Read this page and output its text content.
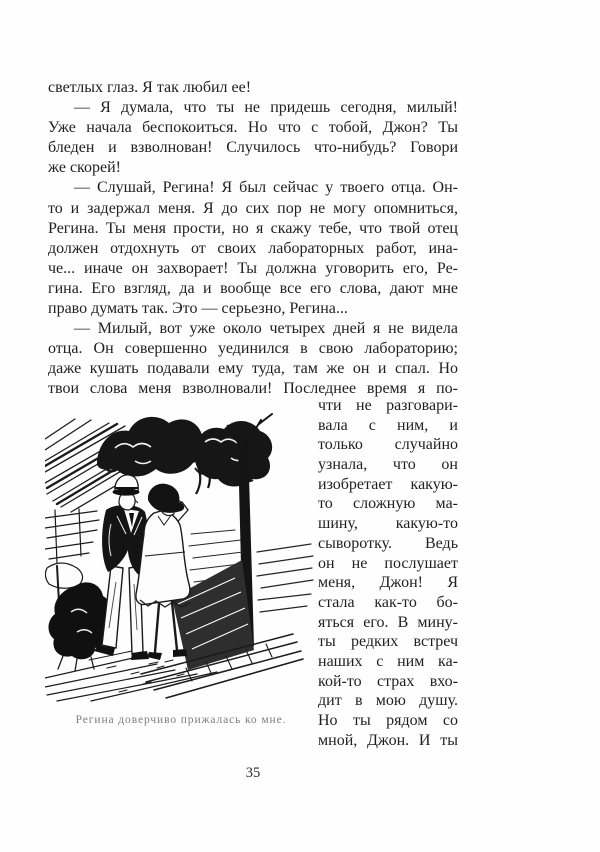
светлых глаз. Я так любил ее!
— Я думала, что ты не придешь сегодня, милый!
Уже начала беспокоиться. Но что с тобой, Джон? Ты
бледен и взволнован! Случилось что-нибудь? Говори
же скорей!
— Слушай, Регина! Я был сейчас у твоего отца. Он-
то и задержал меня. Я до сих пор не могу опомниться,
Регина. Ты меня прости, но я скажу тебе, что твой отец
должен отдохнуть от своих лабораторных работ, ина-
че... иначе он захворает! Ты должна уговорить его, Ре-
гина. Его взгляд, да и вообще все его слова, дают мне
право думать так. Это — серьезно, Регина...
— Милый, вот уже около четырех дней я не видела
отца. Он совершенно уединился в свою лабораторию;
даже кушать подавали ему туда, там же он и спал. Но
твои слова меня взволновали! Последнее время я по-
чти не разговари-
вала с ним, и
только случайно
узнала, что он
изобретает какую-
то сложную ма-
шину, какую-то
сыворотку. Ведь
он не послушает
меня, Джон! Я
стала как-то бо-
яться его. В мину-
ты редких встреч
наших с ним ка-
кой-то страх вхо-
дит в мою душу.
Но ты рядом со
мной, Джон. И ты
Регина доверчиво прижалась ко мне.
35
